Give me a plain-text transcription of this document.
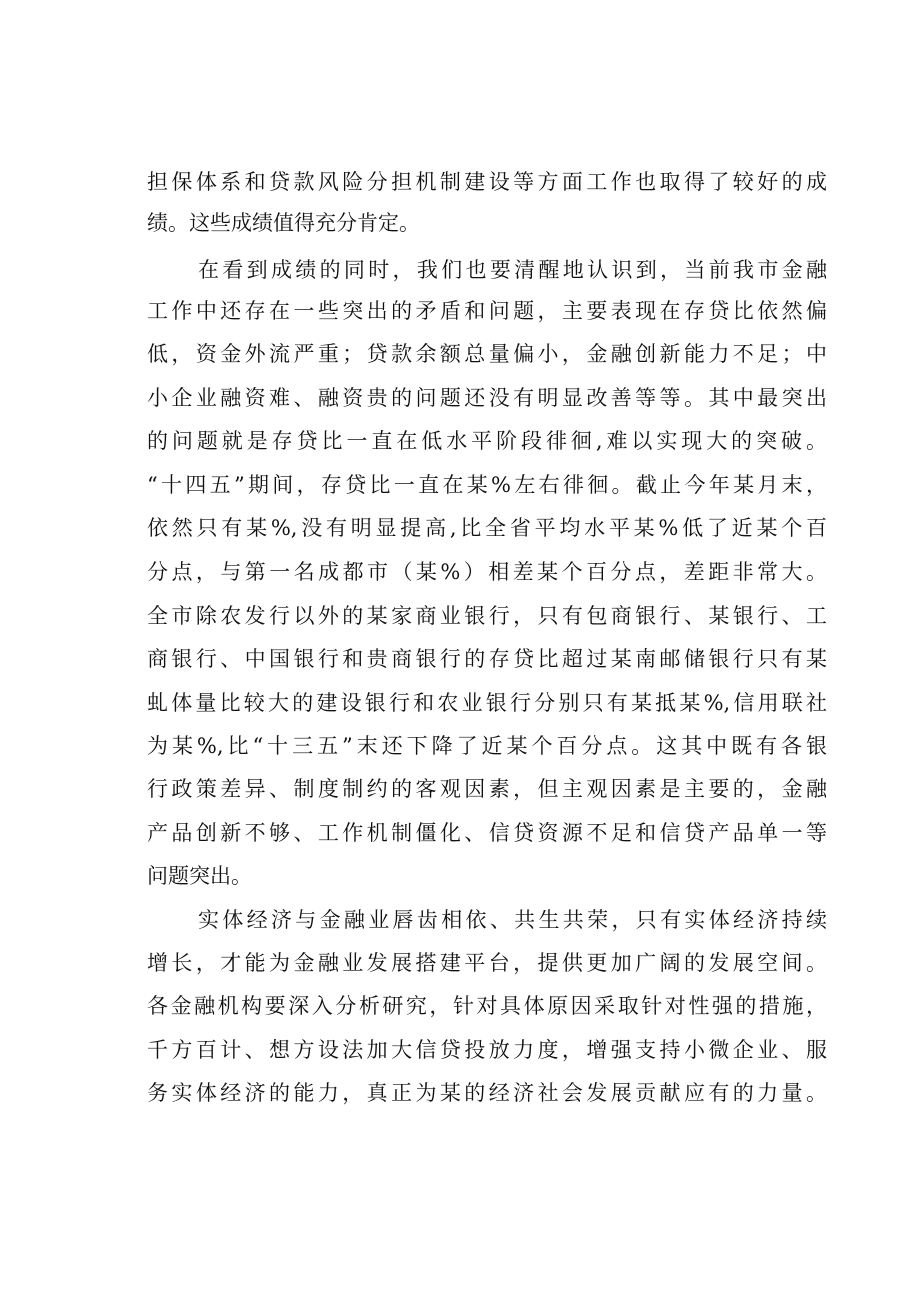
担保体系和贷款风险分担机制建设等方面工作也取得了较好的成
绩。这些成绩值得充分肯定。
在看到成绩的同时，我们也要清醒地认识到，当前我市金融
工作中还存在一些突出的矛盾和问题，主要表现在存贷比依然偏
低，资金外流严重；贷款余额总量偏小，金融创新能力不足；中
小企业融资难、融资贵的问题还没有明显改善等等。其中最突出
的问题就是存贷比一直在低水平阶段徘徊,难以实现大的突破。
“十四五”期间，存贷比一直在某%左右徘徊。截止今年某月末，
依然只有某%,没有明显提高,比全省平均水平某%低了近某个百
分点，与第一名成都市（某%）相差某个百分点，差距非常大。
全市除农发行以外的某家商业银行，只有包商银行、某银行、工
商银行、中国银行和贵商银行的存贷比超过某南邮储银行只有某
虬体量比较大的建设银行和农业银行分别只有某抵某%,信用联社
为某%,比“十三五”末还下降了近某个百分点。这其中既有各银
行政策差异、制度制约的客观因素，但主观因素是主要的，金融
产品创新不够、工作机制僵化、信贷资源不足和信贷产品单一等
问题突出。
实体经济与金融业唇齿相依、共生共荣，只有实体经济持续
增长，才能为金融业发展搭建平台，提供更加广阔的发展空间。
各金融机构要深入分析研究，针对具体原因采取针对性强的措施，
千方百计、想方设法加大信贷投放力度，增强支持小微企业、服
务实体经济的能力，真正为某的经济社会发展贡献应有的力量。
